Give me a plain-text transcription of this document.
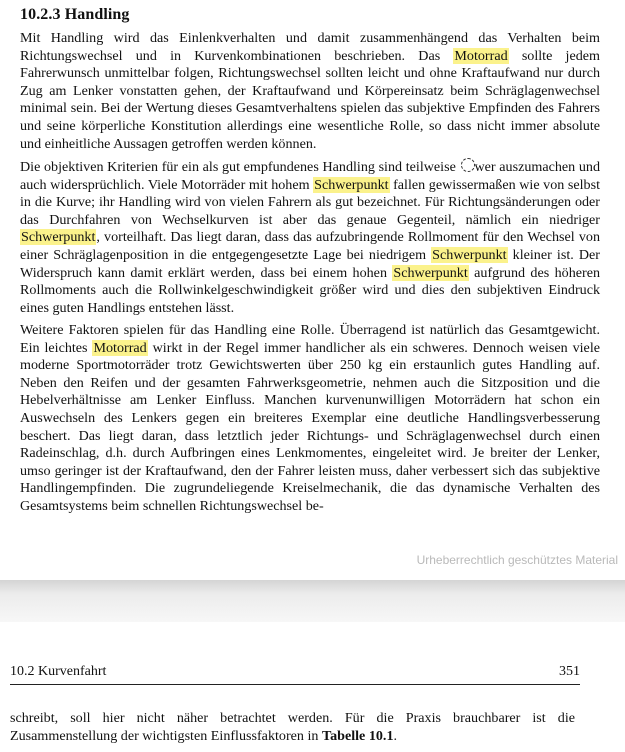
10.2.3 Handling

Mit Handling wird das Einlenkverhalten und damit zusammenhängend das Verhalten beim Richtungswechsel und in Kurvenkombinationen beschrieben. Das Motorrad sollte jedem Fahrerwunsch unmittelbar folgen, Richtungswechsel sollten leicht und ohne Kraftaufwand nur durch Zug am Lenker vonstatten gehen, der Kraftaufwand und Körpereinsatz beim Schräglagenwechsel minimal sein. Bei der Wertung dieses Gesamtverhaltens spielen das subjektive Empfinden des Fahrers und seine körperliche Konstitution allerdings eine wesentliche Rolle, so dass nicht immer absolute und einheitliche Aussagen getroffen werden können.

Die objektiven Kriterien für ein als gut empfundenes Handling sind teilweise wer auszumachen und auch widersprüchlich. Viele Motorräder mit hohem Schwerpunkt fallen gewissermaßen wie von selbst in die Kurve; ihr Handling wird von vielen Fahrern als gut bezeichnet. Für Richtungsänderungen oder das Durchfahren von Wechselkurven ist aber das genaue Gegenteil, nämlich ein niedriger Schwerpunkt, vorteilhaft. Das liegt daran, dass das aufzubringende Rollmoment für den Wechsel von einer Schräglagenposition in die entgegengesetzte Lage bei niedrigem Schwerpunkt kleiner ist. Der Widerspruch kann damit erklärt werden, dass bei einem hohen Schwerpunkt aufgrund des höheren Rollmoments auch die Rollwinkelgeschwindigkeit größer wird und dies den subjektiven Eindruck eines guten Handlings entstehen lässt.

Weitere Faktoren spielen für das Handling eine Rolle. Überragend ist natürlich das Gesamtgewicht. Ein leichtes Motorrad wirkt in der Regel immer handlicher als ein schweres. Dennoch weisen viele moderne Sportmotorräder trotz Gewichtswerten über 250 kg ein erstaunlich gutes Handling auf. Neben den Reifen und der gesamten Fahrwerksgeometrie, nehmen auch die Sitzposition und die Hebelverhältnisse am Lenker Einfluss. Manchen kurvenunwilligen Motorrädern hat schon ein Auswechseln des Lenkers gegen ein breiteres Exemplar eine deutliche Handlingsverbesserung beschert. Das liegt daran, dass letztlich jeder Richtungs- und Schräglagenwechsel durch einen Radeinschlag, d.h. durch Aufbringen eines Lenkmomentes, eingeleitet wird. Je breiter der Lenker, umso geringer ist der Kraftaufwand, den der Fahrer leisten muss, daher verbessert sich das subjektive Handlingempfinden. Die zugrundeliegende Kreiselmechanik, die das dynamische Verhalten des Gesamtsystems beim schnellen Richtungswechsel be-

Urheberrechtlich geschütztes Material
10.2 Kurvenfahrt	351

schreibt, soll hier nicht näher betrachtet werden. Für die Praxis brauchbarer ist die Zusammenstellung der wichtigsten Einflussfaktoren in Tabelle 10.1.
